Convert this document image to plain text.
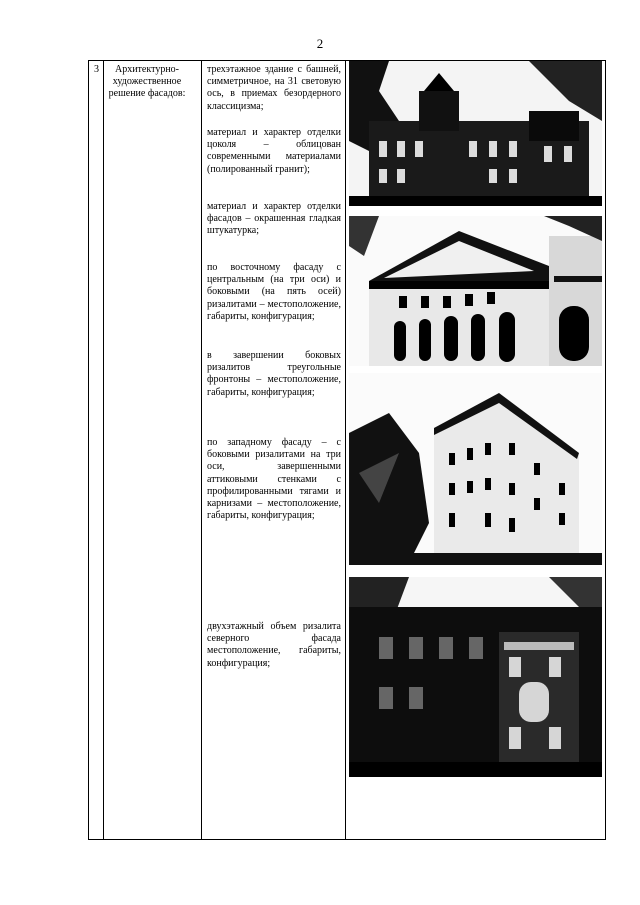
2
3	Архитектурно-художественное решение фасадов:
трехэтажное здание с башней, симметричное, на 31 световую ось, в приемах безордерного классицизма;
материал и характер отделки цоколя – облицован современными материалами (полированный гранит);
материал и характер отделки фасадов – окрашенная гладкая штукатурка;
по восточному фасаду с центральным (на три оси) и боковыми (на пять осей) ризалитами – местоположение, габариты, конфигурация;
в завершении боковых ризалитов треугольные фронтоны – местоположение, габариты, конфигурация;
по западному фасаду – с боковыми ризалитами на три оси, завершенными аттиковыми стенками с профилированными тягами и карнизами – местоположение, габариты, конфигурация;
двухэтажный объем ризалита северного фасада местоположение, габариты, конфигурация;
